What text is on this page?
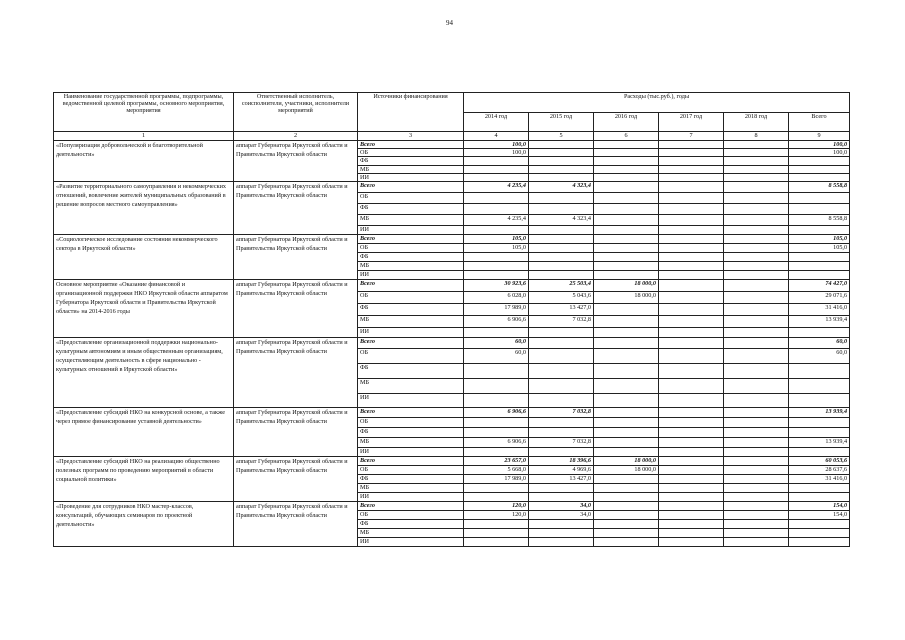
94
Наименование государственной программы, подпрограммы, ведомственной целевой программы, основного мероприятия, мероприятия	Ответственный исполнитель, соисполнители, участники, исполнители мероприятий	Источники финансирования	Расходы (тыс.руб.), годы					
			2014 год	2015 год	2016 год	2017 год	2018 год	Всего
1	2	3	4	5	6	7	8	9
«Популяризация добровольческой и благотворительной деятельности»	аппарат Губернатора Иркутской области и Правительства Иркутской области	Всего	100,0					100,0
		ОБ	100,0					100,0
		ФБ						
		МБ						
		ИИ						
«Развитие территориального самоуправления и некоммерческих отношений, вовлечение жителей муниципальных образований в решение вопросов местного самоуправления»	аппарат Губернатора Иркутской области и Правительства Иркутской области	Всего	4 235,4	4 323,4				8 558,8
		ОБ						
		ФБ						
		МБ	4 235,4	4 323,4				8 558,8
		ИИ						
«Социологическое исследование состояния некоммерческого сектора в Иркутской области»	аппарат Губернатора Иркутской области и Правительства Иркутской области	Всего	105,0					105,0
		ОБ	105,0					105,0
		ФБ						
		МБ						
		ИИ						
Основное мероприятие «Оказание финансовой и организационной поддержки НКО Иркутской области аппаратом Губернатора Иркутской области и Правительства Иркутской области» на 2014-2016 годы	аппарат Губернатора Иркутской области и Правительства Иркутской области	Всего	30 923,6	25 503,4	18 000,0			74 427,0
		ОБ	6 028,0	5 043,6	18 000,0			29 071,6
		ФБ	17 989,0	13 427,0				31 416,0
		МБ	6 906,6	7 032,8				13 939,4
		ИИ						
«Предоставление организационной поддержки национально-культурным автономиям и иным общественным организациям, осуществляющим деятельность в сфере национально - культурных отношений в Иркутской области»	аппарат Губернатора Иркутской области и Правительства Иркутской области	Всего	60,0					60,0
		ОБ	60,0					60,0
		ФБ						
		МБ						
		ИИ						
«Предоставление субсидий НКО на конкурсной основе, а также через прямое финансирование уставной деятельности»	аппарат Губернатора Иркутской области и Правительства Иркутской области	Всего	6 906,6	7 032,8				13 939,4
		ОБ						
		ФБ						
		МБ	6 906,6	7 032,8				13 939,4
		ИИ						
«Предоставление субсидий НКО на реализацию общественно полезных программ по проведению мероприятий в области социальной политики»	аппарат Губернатора Иркутской области и Правительства Иркутской области	Всего	23 657,0	18 396,6	18 000,0			60 053,6
		ОБ	5 668,0	4 969,6	18 000,0			28 637,6
		ФБ	17 989,0	13 427,0				31 416,0
		МБ						
		ИИ						
«Проведение для сотрудников НКО мастер-классов, консультаций, обучающих семинаров по проектной деятельности»	аппарат Губернатора Иркутской области и Правительства Иркутской области	Всего	120,0	34,0				154,0
		ОБ	120,0	34,0				154,0
		ФБ						
		МБ						
		ИИ						
